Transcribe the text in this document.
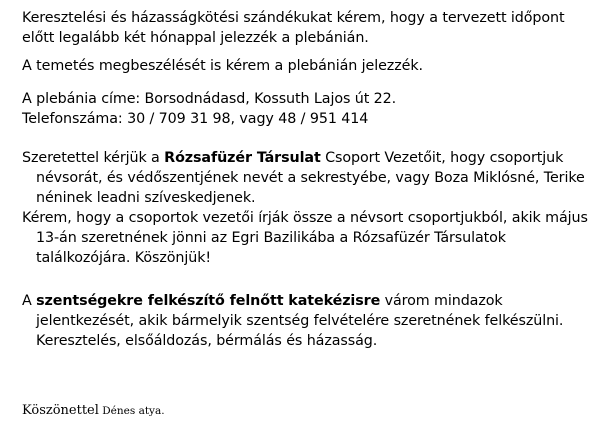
Keresztelési és házasságkötési szándékukat kérem, hogy a tervezett időpont előtt legalább két hónappal jelezzék a plebánián.

A temetés megbeszélését is kérem a plebánián jelezzék.

A plebánia címe: Borsodnádasd, Kossuth Lajos út 22.

Telefonszáma: 30 / 709 31 98, vagy 48 / 951 414

Szeretettel kérjük a Rózsafüzér Társulat Csoport Vezetőit, hogy csoportjuk névsorát, és védőszentjének nevét a sekrestyébe, vagy Boza Miklósné, Terike néninek leadni szíveskedjenek.

Kérem, hogy a csoportok vezetői írják össze a névsort csoportjukból, akik május 13-án szeretnének jönni az Egri Bazilikába a Rózsafüzér Társulatok találkozójára. Köszönjük!

A szentségekre felkészítő felnőtt katekézisre várom mindazok jelentkezését, akik bármelyik szentség felvételére szeretnének felkészülni. Keresztelés, elsőáldozás, bérmálás és házasság.

Köszönettel Dénes atya.
